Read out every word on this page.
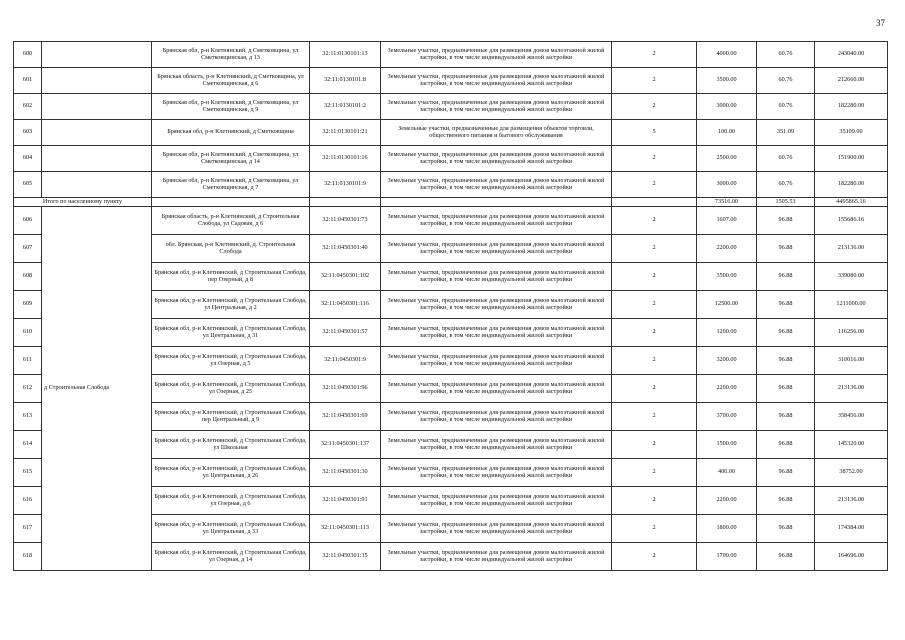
37
600		Брянская обл, р-н Клетнянский, д Сметковщина, ул Сметковщинская, д 13	32:11:0130101:13	Земельные участки, предназначенные для размещения домов малоэтажной жилой застройки, в том числе индивидуальной жилой застройки	2	4000.00	60.76	243040.00
601		Брянская область, р-н Клетнянский, д Сметковщина, ул Сметковщинская, д 6	32:11:0130101:8	Земельные участки, предназначенные для размещения домов малоэтажной жилой застройки, в том числе индивидуальной жилой застройки	2	3500.00	60.76	212660.00
602		Брянская обл, р-н Клетнянский, д Сметковщина, ул Сметковщинская, д 9	32:11:0130101:2	Земельные участки, предназначенные для размещения домов малоэтажной жилой застройки, в том числе индивидуальной жилой застройки	2	3000.00	60.76	182280.00
603		Брянская обл, р-н Клетнянский, д Сметковщина	32:11:0130101:21	Земельные участки, предназначенные для размещения объектов торговли, общественного питания и бытового обслуживания	5	100.00	351.09	35109.00
604		Брянская обл, р-н Клетнянский, д Сметковщина, ул Сметковщинская, д 14	32:11:0130101:16	Земельные участки, предназначенные для размещения домов малоэтажной жилой застройки, в том числе индивидуальной жилой застройки	2	2500.00	60.76	151900.00
605		Брянская обл, р-н Клетнянский, д Сметковщина, ул Сметковщинская, д 7	32:11:0130101:9	Земельные участки, предназначенные для размещения домов малоэтажной жилой застройки, в том числе индивидуальной жилой застройки	2	3000.00	60.76	182280.00
Итого по населенному пункту						73516.00	1505.53	4495865.16
606	д Строительная Слобода	Брянская область, р-н Клетнянский, д Строительная Слобода, ул Садовая, д 6	32:11:0450301:73	Земельные участки, предназначенные для размещения домов малоэтажной жилой застройки, в том числе индивидуальной жилой застройки	2	1607.00	96.88	155686.16
607		обл. Брянская, р-н Клетнянский, д. Строительная Слобода	32:11:0450301:40	Земельные участки, предназначенные для размещения домов малоэтажной жилой застройки, в том числе индивидуальной жилой застройки	2	2200.00	96.88	213136.00
608		Брянская обл, р-н Клетнянский, д Строительная Слобода, пер Озерный, д 8	32:11:0450301:102	Земельные участки, предназначенные для размещения домов малоэтажной жилой застройки, в том числе индивидуальной жилой застройки	2	3500.00	96.88	339080.00
609		Брянская обл, р-н Клетнянский, д Строительная Слобода, ул Центральная, д 2	32:11:0450301:116	Земельные участки, предназначенные для размещения домов малоэтажной жилой застройки, в том числе индивидуальной жилой застройки	2	12500.00	96.88	1211000.00
610		Брянская обл, р-н Клетнянский, д Строительная Слобода, ул Центральная, д 31	32:11:0450301:57	Земельные участки, предназначенные для размещения домов малоэтажной жилой застройки, в том числе индивидуальной жилой застройки	2	1200.00	96.88	116256.00
611		Брянская обл, р-н Клетнянский, д Строительная Слобода, ул Озерная, д 5	32:11:0450301:9	Земельные участки, предназначенные для размещения домов малоэтажной жилой застройки, в том числе индивидуальной жилой застройки	2	3200.00	96.88	310016.00
612		Брянская обл, р-н Клетнянский, д Строительная Слобода, ул Озерная, д 25	32:11:0450301:96	Земельные участки, предназначенные для размещения домов малоэтажной жилой застройки, в том числе индивидуальной жилой застройки	2	2200.00	96.88	213136.00
613		Брянская обл, р-н Клетнянский, д Строительная Слобода, пер Центральный, д 9	32:11:0450301:69	Земельные участки, предназначенные для размещения домов малоэтажной жилой застройки, в том числе индивидуальной жилой застройки	2	3700.00	96.88	358456.00
614		Брянская обл, р-н Клетнянский, д Строительная Слобода, ул Школьная	32:11:0450301:137	Земельные участки, предназначенные для размещения домов малоэтажной жилой застройки, в том числе индивидуальной жилой застройки	2	1500.00	96.88	145320.00
615		Брянская обл, р-н Клетнянский, д Строительная Слобода, ул Центральная, д 26	32:11:0450301:30	Земельные участки, предназначенные для размещения домов малоэтажной жилой застройки, в том числе индивидуальной жилой застройки	2	400.00	96.88	38752.00
616		Брянская обл, р-н Клетнянский, д Строительная Слобода, ул Озерная, д 6	32:11:0450301:91	Земельные участки, предназначенные для размещения домов малоэтажной жилой застройки, в том числе индивидуальной жилой застройки	2	2200.00	96.88	213136.00
617		Брянская обл, р-н Клетнянский, д Строительная Слобода, ул Центральная, д 33	32:11:0450301:113	Земельные участки, предназначенные для размещения домов малоэтажной жилой застройки, в том числе индивидуальной жилой застройки	2	1800.00	96.88	174384.00
618		Брянская обл, р-н Клетнянский, д Строительная Слобода, ул Озерная, д 14	32:11:0450301:35	Земельные участки, предназначенные для размещения домов малоэтажной жилой застройки, в том числе индивидуальной жилой застройки	2	1700.00	96.88	164696.00
